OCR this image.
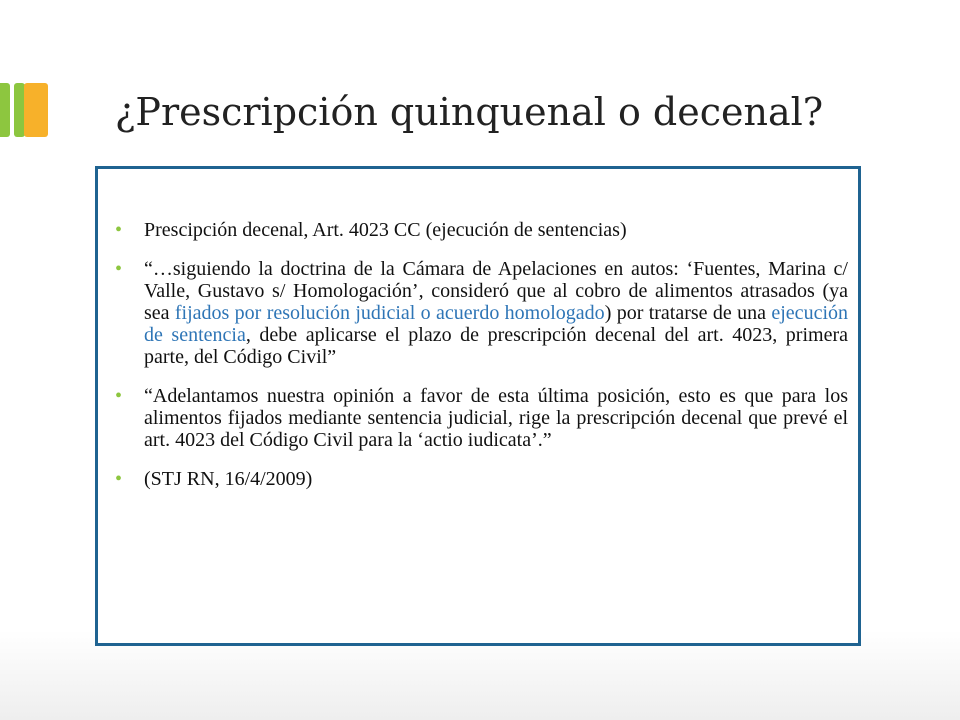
¿Prescripción quinquenal o decenal?
• Prescipción decenal, Art. 4023 CC (ejecución de sentencias)
• “…siguiendo la doctrina de la Cámara de Apelaciones en autos: ‘Fuentes, Marina c/ Valle, Gustavo s/ Homologación’, consideró que al cobro de alimentos atrasados (ya sea fijados por resolución judicial o acuerdo homologado) por tratarse de una ejecución de sentencia, debe aplicarse el plazo de prescripción decenal del art. 4023, primera parte, del Código Civil”
• “Adelantamos nuestra opinión a favor de esta última posición, esto es que para los alimentos fijados mediante sentencia judicial, rige la prescripción decenal que prevé el art. 4023 del Código Civil para la ‘actio iudicata’.”
• (STJ RN, 16/4/2009)
